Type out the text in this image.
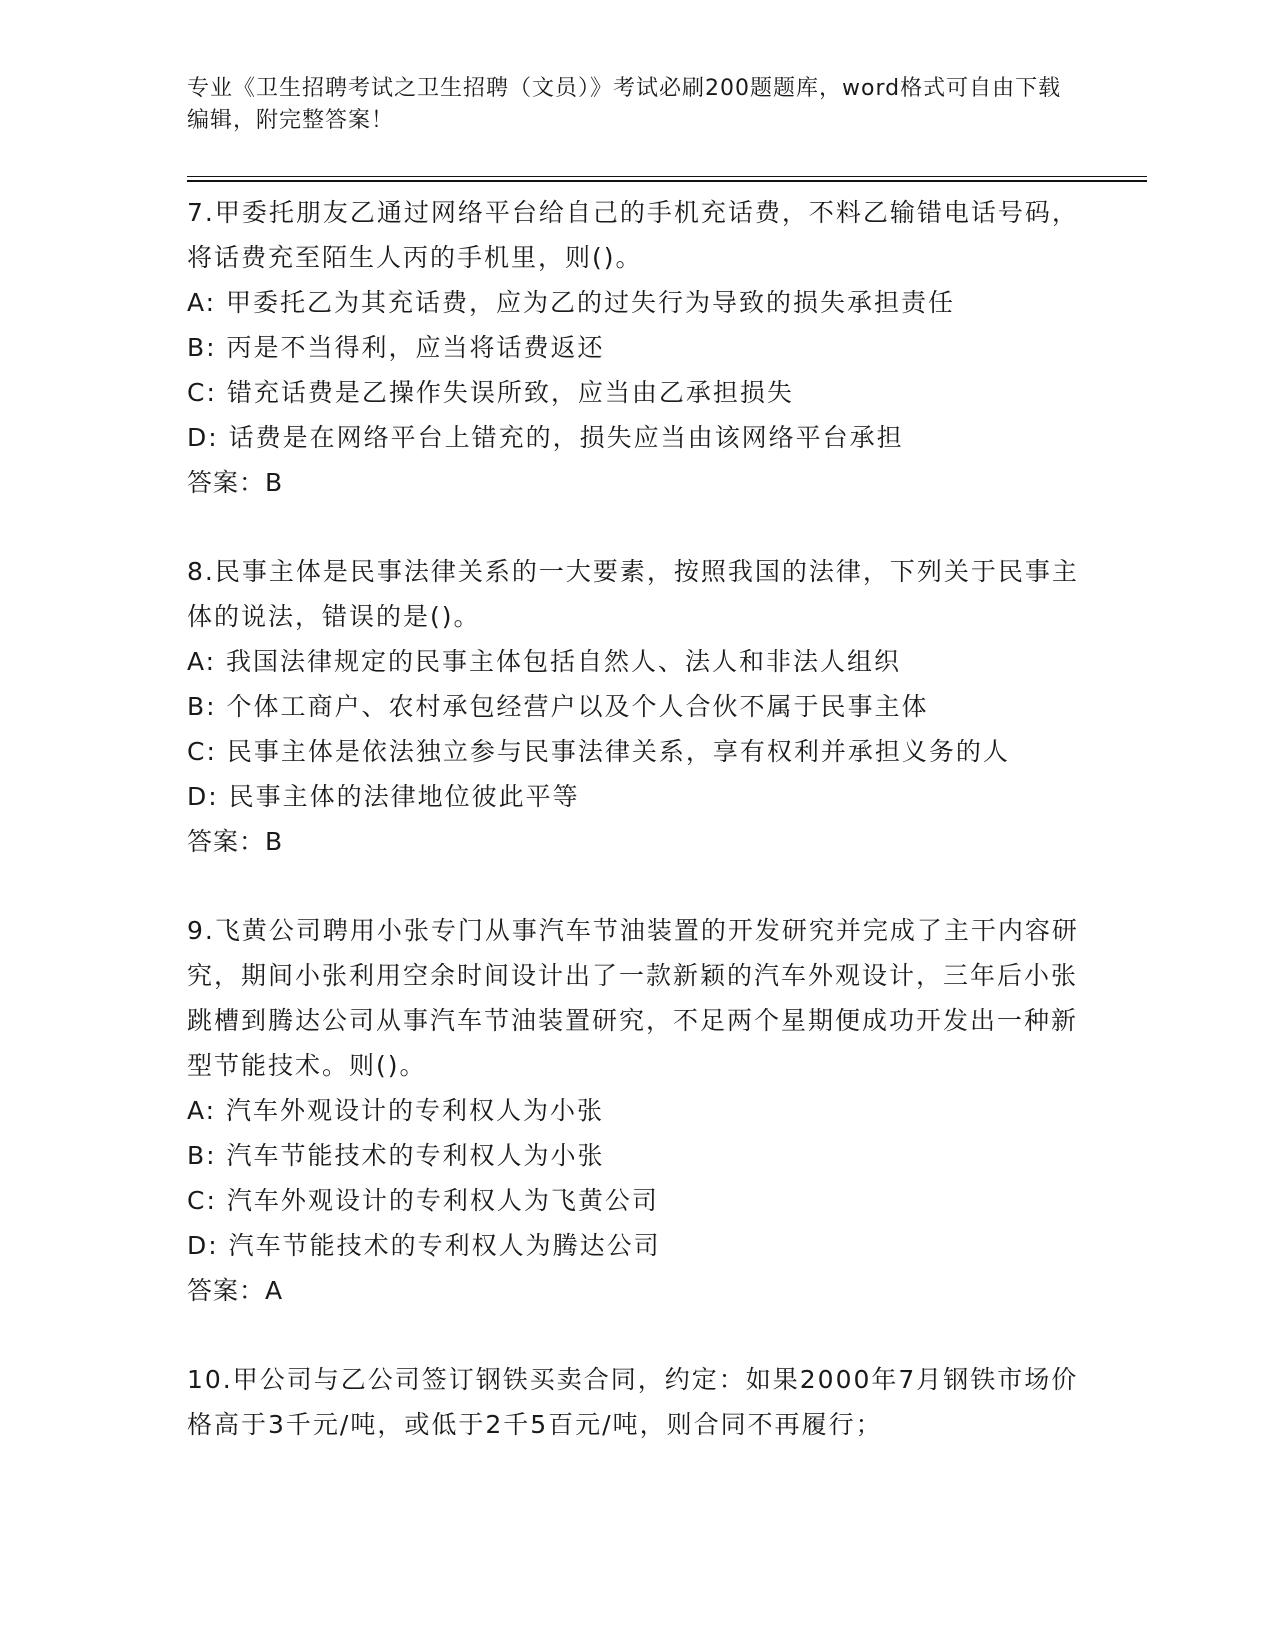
专业《卫生招聘考试之卫生招聘（文员）》考试必刷200题题库，word格式可自由下载编辑，附完整答案！
7.甲委托朋友乙通过网络平台给自己的手机充话费，不料乙输错电话号码，将话费充至陌生人丙的手机里，则()。
A: 甲委托乙为其充话费，应为乙的过失行为导致的损失承担责任
B: 丙是不当得利，应当将话费返还
C: 错充话费是乙操作失误所致，应当由乙承担损失
D: 话费是在网络平台上错充的，损失应当由该网络平台承担
答案：B
8.民事主体是民事法律关系的一大要素，按照我国的法律，下列关于民事主体的说法，错误的是()。
A: 我国法律规定的民事主体包括自然人、法人和非法人组织
B: 个体工商户、农村承包经营户以及个人合伙不属于民事主体
C: 民事主体是依法独立参与民事法律关系，享有权利并承担义务的人
D: 民事主体的法律地位彼此平等
答案：B
9.飞黄公司聘用小张专门从事汽车节油装置的开发研究并完成了主干内容研究，期间小张利用空余时间设计出了一款新颖的汽车外观设计，三年后小张跳槽到腾达公司从事汽车节油装置研究，不足两个星期便成功开发出一种新型节能技术。则()。
A: 汽车外观设计的专利权人为小张
B: 汽车节能技术的专利权人为小张
C: 汽车外观设计的专利权人为飞黄公司
D: 汽车节能技术的专利权人为腾达公司
答案：A
10.甲公司与乙公司签订钢铁买卖合同，约定：如果2000年7月钢铁市场价格高于3千元/吨，或低于2千5百元/吨，则合同不再履行；
